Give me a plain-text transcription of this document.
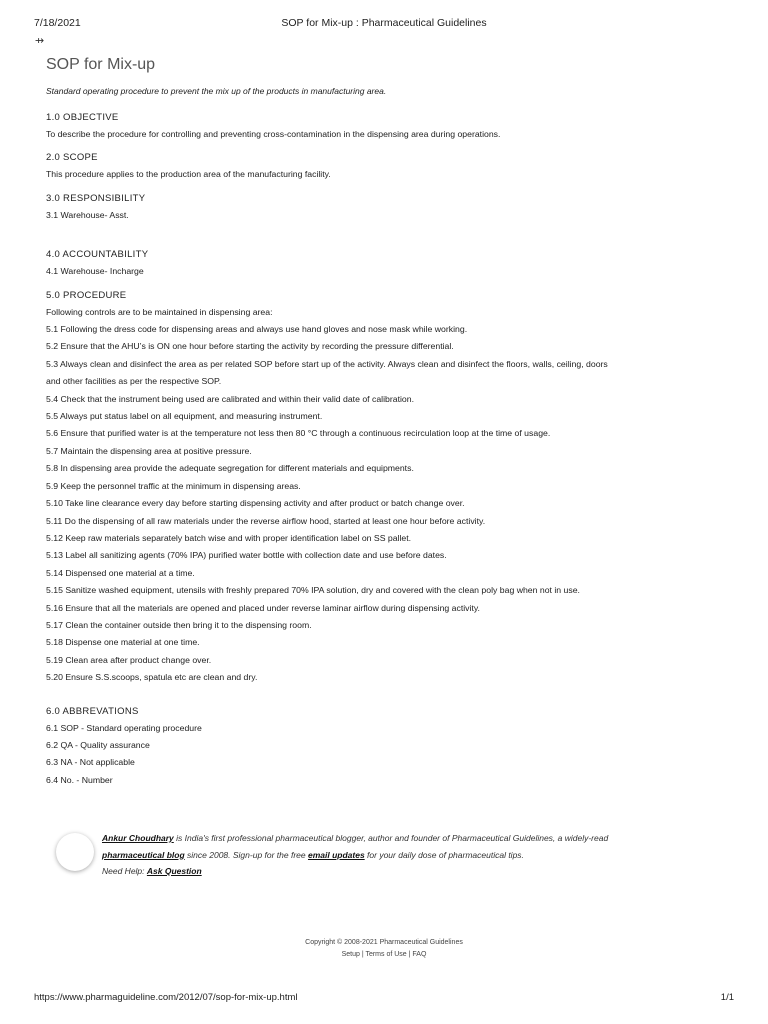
7/18/2021	SOP for Mix-up : Pharmaceutical Guidelines
⇸
SOP for Mix-up
Standard operating procedure to prevent the mix up of the products in manufacturing area.
1.0 OBJECTIVE
To describe the procedure for controlling and preventing cross-contamination in the dispensing area during operations.
2.0 SCOPE
This procedure applies to the production area of the manufacturing facility.
3.0 RESPONSIBILITY
3.1 Warehouse- Asst.
4.0 ACCOUNTABILITY
4.1 Warehouse- Incharge
5.0 PROCEDURE
Following controls are to be maintained in dispensing area:
5.1 Following the dress code for dispensing areas and always use hand gloves and nose mask while working.
5.2 Ensure that the AHU’s is ON one hour before starting the activity by recording the pressure differential.
5.3 Always clean and disinfect the area as per related SOP before start up of the activity. Always clean and disinfect the floors, walls, ceiling, doors
and other facilities as per the respective SOP.
5.4 Check that the instrument being used are calibrated and within their valid date of calibration.
5.5 Always put status label on all equipment, and measuring instrument.
5.6 Ensure that purified water is at the temperature not less then 80 °C through a continuous recirculation loop at the time of usage.
5.7 Maintain the dispensing area at positive pressure.
5.8 In dispensing area provide the adequate segregation for different materials and equipments.
5.9 Keep the personnel traffic at the minimum in dispensing areas.
5.10 Take line clearance every day before starting dispensing activity and after product or batch change over.
5.11 Do the dispensing of all raw materials under the reverse airflow hood, started at least one hour before activity.
5.12 Keep raw materials separately batch wise and with proper identification label on SS pallet.
5.13 Label all sanitizing agents (70% IPA) purified water bottle with collection date and use before dates.
5.14 Dispensed one material at a time.
5.15 Sanitize washed equipment, utensils with freshly prepared 70% IPA solution, dry and covered with the clean poly bag when not in use.
5.16 Ensure that all the materials are opened and placed under reverse laminar airflow during dispensing activity.
5.17 Clean the container outside then bring it to the dispensing room.
5.18 Dispense one material at one time.
5.19 Clean area after product change over.
5.20 Ensure S.S.scoops, spatula etc are clean and dry.
6.0 ABBREVATIONS
6.1 SOP - Standard operating procedure
6.2 QA - Quality assurance
6.3 NA - Not applicable
6.4 No. - Number
Ankur Choudhary is India's first professional pharmaceutical blogger, author and founder of Pharmaceutical Guidelines, a widely-read
pharmaceutical blog since 2008. Sign-up for the free email updates for your daily dose of pharmaceutical tips.
Need Help: Ask Question
Copyright © 2008-2021 Pharmaceutical Guidelines
Setup | Terms of Use | FAQ
https://www.pharmaguideline.com/2012/07/sop-for-mix-up.html	1/1
